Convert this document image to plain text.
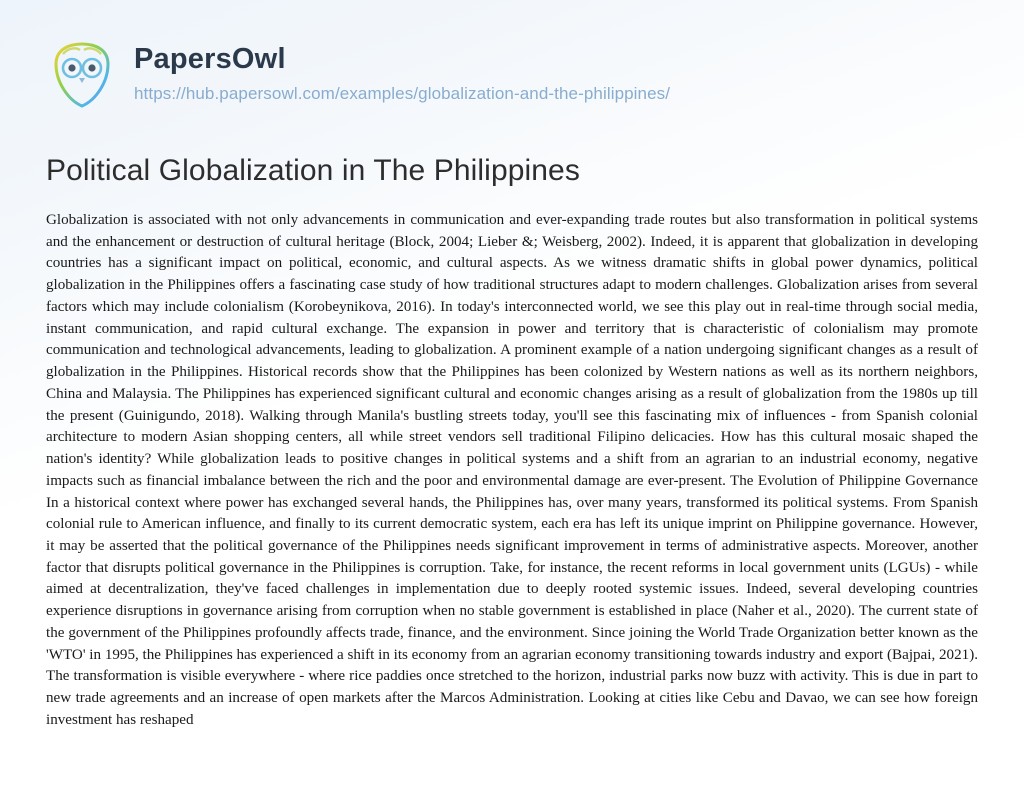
PapersOwl
https://hub.papersowl.com/examples/globalization-and-the-philippines/
Political Globalization in The Philippines

Globalization is associated with not only advancements in communication and ever-expanding trade routes but also transformation in political systems and the enhancement or destruction of cultural heritage (Block, 2004; Lieber &; Weisberg, 2002). Indeed, it is apparent that globalization in developing countries has a significant impact on political, economic, and cultural aspects. As we witness dramatic shifts in global power dynamics, political globalization in the Philippines offers a fascinating case study of how traditional structures adapt to modern challenges. Globalization arises from several factors which may include colonialism (Korobeynikova, 2016). In today's interconnected world, we see this play out in real-time through social media, instant communication, and rapid cultural exchange. The expansion in power and territory that is characteristic of colonialism may promote communication and technological advancements, leading to globalization. A prominent example of a nation undergoing significant changes as a result of globalization in the Philippines. Historical records show that the Philippines has been colonized by Western nations as well as its northern neighbors, China and Malaysia. The Philippines has experienced significant cultural and economic changes arising as a result of globalization from the 1980s up till the present (Guinigundo, 2018). Walking through Manila's bustling streets today, you'll see this fascinating mix of influences - from Spanish colonial architecture to modern Asian shopping centers, all while street vendors sell traditional Filipino delicacies. How has this cultural mosaic shaped the nation's identity? While globalization leads to positive changes in political systems and a shift from an agrarian to an industrial economy, negative impacts such as financial imbalance between the rich and the poor and environmental damage are ever-present. The Evolution of Philippine Governance In a historical context where power has exchanged several hands, the Philippines has, over many years, transformed its political systems. From Spanish colonial rule to American influence, and finally to its current democratic system, each era has left its unique imprint on Philippine governance. However, it may be asserted that the political governance of the Philippines needs significant improvement in terms of administrative aspects. Moreover, another factor that disrupts political governance in the Philippines is corruption. Take, for instance, the recent reforms in local government units (LGUs) - while aimed at decentralization, they've faced challenges in implementation due to deeply rooted systemic issues. Indeed, several developing countries experience disruptions in governance arising from corruption when no stable government is established in place (Naher et al., 2020). The current state of the government of the Philippines profoundly affects trade, finance, and the environment. Since joining the World Trade Organization better known as the 'WTO' in 1995, the Philippines has experienced a shift in its economy from an agrarian economy transitioning towards industry and export (Bajpai, 2021). The transformation is visible everywhere - where rice paddies once stretched to the horizon, industrial parks now buzz with activity. This is due in part to new trade agreements and an increase of open markets after the Marcos Administration. Looking at cities like Cebu and Davao, we can see how foreign investment has reshaped
